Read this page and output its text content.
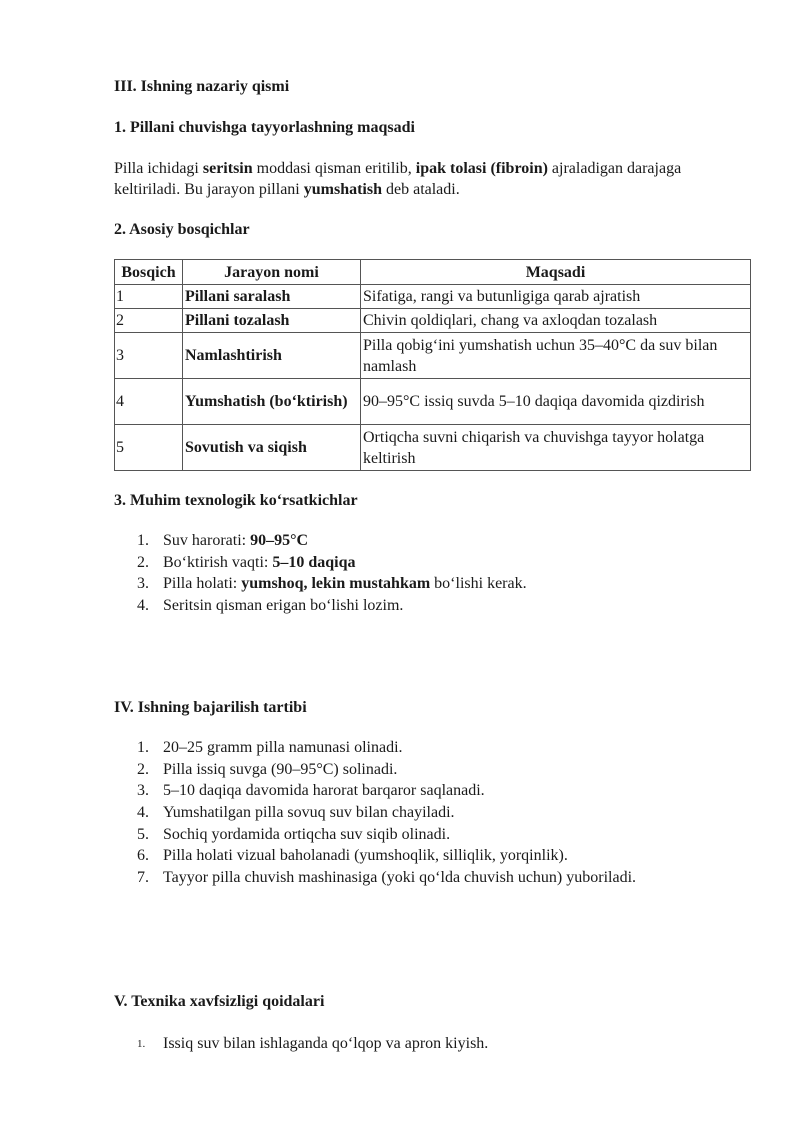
III. Ishning nazariy qismi
1. Pillani chuvishga tayyorlashning maqsadi

Pilla ichidagi seritsin moddasi qisman eritilib, ipak tolasi (fibroin) ajraladigan darajaga keltiriladi. Bu jarayon pillani yumshatish deb ataladi.

2. Asosiy bosqichlar
Bosqich	Jarayon nomi	Maqsadi
1	Pillani saralash	Sifatiga, rangi va butunligiga qarab ajratish
2	Pillani tozalash	Chivin qoldiqlari, chang va axloqdan tozalash
3	Namlashtirish	Pilla qobig‘ini yumshatish uchun 35–40°C da suv bilan namlash
4	Yumshatish (bo‘ktirish)	90–95°C issiq suvda 5–10 daqiqa davomida qizdirish
5	Sovutish va siqish	Ortiqcha suvni chiqarish va chuvishga tayyor holatga keltirish
3. Muhim texnologik ko‘rsatkichlar
1. Suv harorati: 90–95°C
2. Bo‘ktirish vaqti: 5–10 daqiqa
3. Pilla holati: yumshoq, lekin mustahkam bo‘lishi kerak.
4. Seritsin qisman erigan bo‘lishi lozim.
IV. Ishning bajarilish tartibi
1. 20–25 gramm pilla namunasi olinadi.
2. Pilla issiq suvga (90–95°C) solinadi.
3. 5–10 daqiqa davomida harorat barqaror saqlanadi.
4. Yumshatilgan pilla sovuq suv bilan chayiladi.
5. Sochiq yordamida ortiqcha suv siqib olinadi.
6. Pilla holati vizual baholanadi (yumshoqlik, silliqlik, yorqinlik).
7. Tayyor pilla chuvish mashinasiga (yoki qo‘lda chuvish uchun) yuboriladi.
V. Texnika xavfsizligi qoidalari
1. Issiq suv bilan ishlaganda qo‘lqop va apron kiyish.
